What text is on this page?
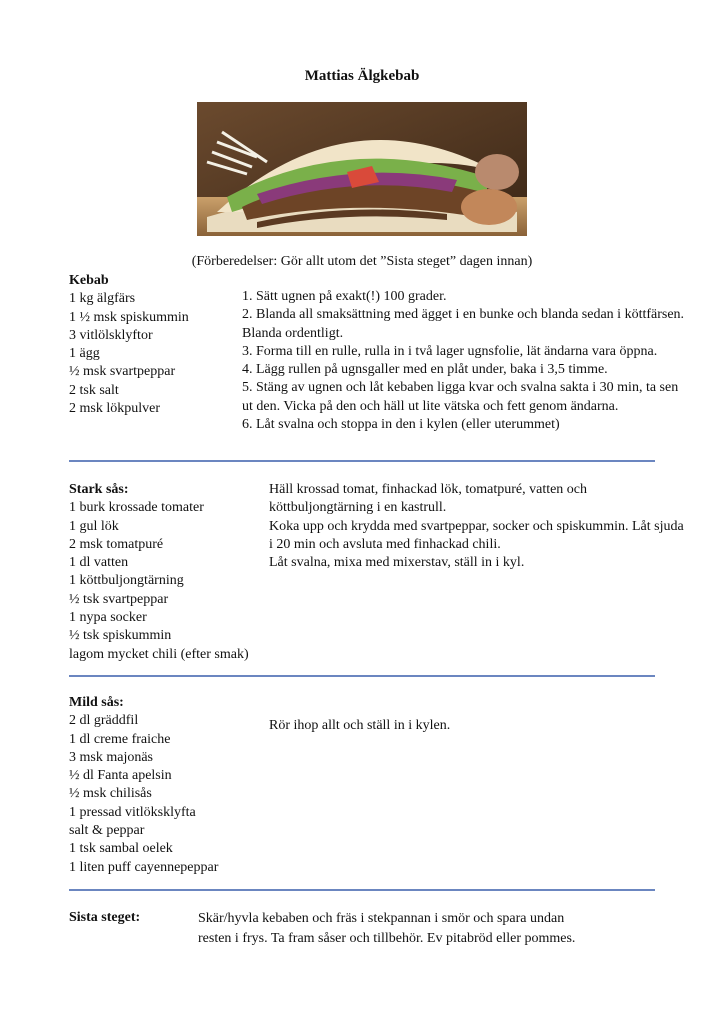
Mattias Älgkebab
(Förberedelser: Gör allt utom det ”Sista steget” dagen innan)
Kebab
1 kg älgfärs
1 ½ msk spiskummin
3 vitlölsklyftor
1 ägg
½ msk svartpeppar
2 tsk salt
2 msk lökpulver
1. Sätt ugnen på exakt(!) 100 grader.
2. Blanda all smaksättning med ägget i en bunke och blanda sedan i köttfärsen.
Blanda ordentligt.
3. Forma till en rulle, rulla in i två lager ugnsfolie, lät ändarna vara öppna.
4. Lägg rullen på ugnsgaller med en plåt under, baka i 3,5 timme.
5. Stäng av ugnen och låt kebaben ligga kvar och svalna sakta i 30 min, ta sen
ut den. Vicka på den och häll ut lite vätska och fett genom ändarna.
6. Låt svalna och stoppa in den i kylen (eller uterummet)
Stark sås:
1 burk krossade tomater
1 gul lök
2 msk tomatpuré
1 dl vatten
1 köttbuljongtärning
½ tsk svartpeppar
1 nypa socker
½ tsk spiskummin
lagom mycket chili (efter smak)
Häll krossad tomat, finhackad lök, tomatpuré, vatten och
köttbuljongtärning i en kastrull.
Koka upp och krydda med svartpeppar, socker och spiskummin. Låt sjuda
i 20 min och avsluta med finhackad chili.
Låt svalna, mixa med mixerstav, ställ in i kyl.
Mild sås:
2 dl gräddfil
1 dl creme fraiche
3 msk majonäs
½ dl Fanta apelsin
½ msk chilisås
1 pressad vitlöksklyfta
salt & peppar
1 tsk sambal oelek
1 liten puff cayennepeppar
Rör ihop allt och ställ in i kylen.
Sista steget:	Skär/hyvla kebaben och fräs i stekpannan i smör och spara undan
resten i frys. Ta fram såser och tillbehör. Ev pitabröd eller pommes.
